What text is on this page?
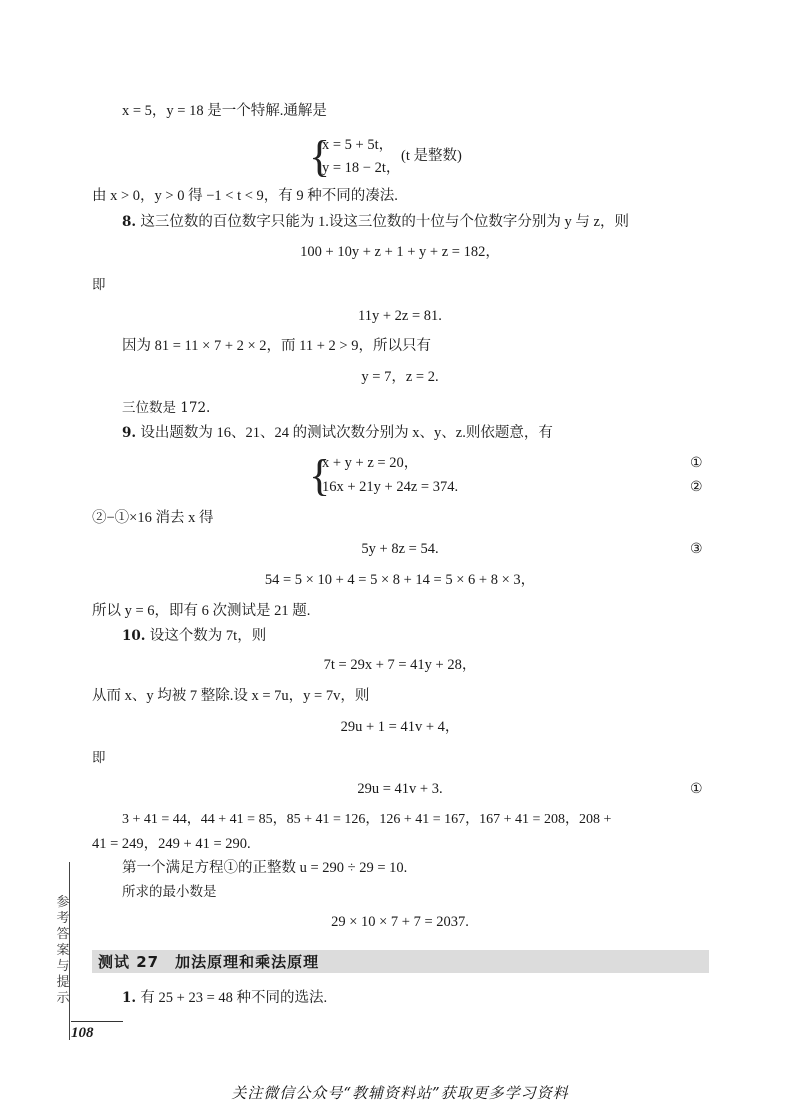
x = 5，y = 18 是一个特解.通解是
{
x = 5 + 5t，
y = 18 − 2t，
(t 是整数)
由 x > 0，y > 0 得 −1 < t < 9，有 9 种不同的凑法.
8. 这三位数的百位数字只能为 1.设这三位数的十位与个位数字分别为 y 与 z，则
100 + 10y + z + 1 + y + z = 182，
即
11y + 2z = 81.
因为 81 = 11 × 7 + 2 × 2，而 11 + 2 > 9，所以只有
y = 7，z = 2.
三位数是 172.
9. 设出题数为 16、21、24 的测试次数分别为 x、y、z.则依题意，有
{
x + y + z = 20，
16x + 21y + 24z = 374.
①
②
②−①×16 消去 x 得
5y + 8z = 54.	③
54 = 5 × 10 + 4 = 5 × 8 + 14 = 5 × 6 + 8 × 3，
所以 y = 6，即有 6 次测试是 21 题.
10. 设这个数为 7t，则
7t = 29x + 7 = 41y + 28，
从而 x、y 均被 7 整除.设 x = 7u，y = 7v，则
29u + 1 = 41v + 4，
即
29u = 41v + 3.	①
3 + 41 = 44，44 + 41 = 85，85 + 41 = 126，126 + 41 = 167，167 + 41 = 208，208 +
41 = 249，249 + 41 = 290.
第一个满足方程①的正整数 u = 290 ÷ 29 = 10.
所求的最小数是
29 × 10 × 7 + 7 = 2037.
测试 27　加法原理和乘法原理
1. 有 25 + 23 = 48 种不同的选法.
参考答案与提示
108
关注微信公众号“教辅资料站”获取更多学习资料
